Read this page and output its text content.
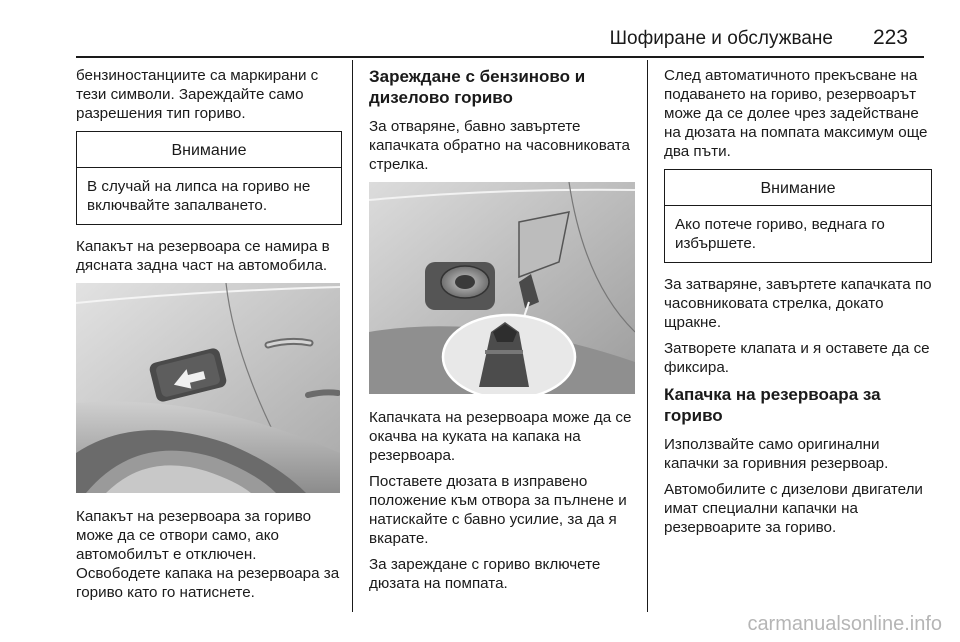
Шофиране и обслужване 223

бензиностанциите са маркирани с тези символи. Зареждайте само разрешения тип гориво.

Внимание
В случай на липса на гориво не включвайте запалването.

Капакът на резервоара се намира в дясната задна част на автомобила.

Капакът на резервоара за гориво може да се отвори само, ако автомобилът е отключен. Освободете капака на резервоара за гориво като го натиснете.

Зареждане с бензиново и дизелово гориво

За отваряне, бавно завъртете капачката обратно на часовниковата стрелка.

Капачката на резервоара може да се окачва на куката на капака на резервоара.

Поставете дюзата в изправено положение към отвора за пълнене и натискайте с бавно усилие, за да я вкарате.

За зареждане с гориво включете дюзата на помпата.

След автоматичното прекъсване на подаването на гориво, резервоарът може да се долее чрез задействане на дюзата на помпата максимум още два пъти.

Внимание
Ако потече гориво, веднага го избършете.

За затваряне, завъртете капачката по часовниковата стрелка, докато щракне.

Затворете клапата и я оставете да се фиксира.

Капачка на резервоара за гориво

Използвайте само оригинални капачки за горивния резервоар.

Автомобилите с дизелови двигатели имат специални капачки на резервоарите за гориво.

carmanualsonline.info
